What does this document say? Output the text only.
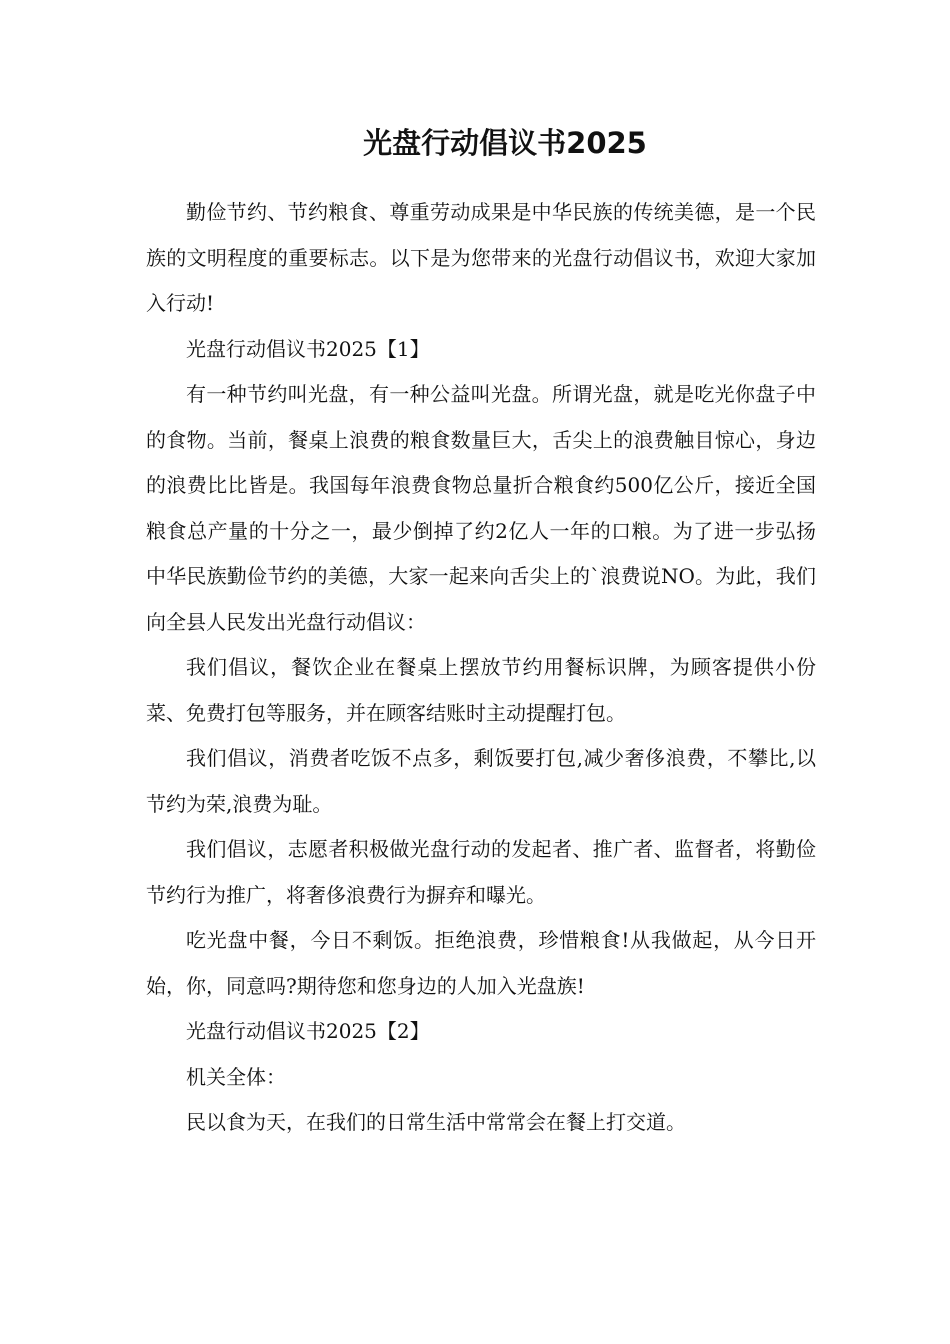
光盘行动倡议书2025

勤俭节约、节约粮食、尊重劳动成果是中华民族的传统美德，是一个民族的文明程度的重要标志。以下是为您带来的光盘行动倡议书，欢迎大家加入行动!

光盘行动倡议书2025【1】

有一种节约叫光盘，有一种公益叫光盘。所谓光盘，就是吃光你盘子中的食物。当前，餐桌上浪费的粮食数量巨大，舌尖上的浪费触目惊心，身边的浪费比比皆是。我国每年浪费食物总量折合粮食约500亿公斤，接近全国粮食总产量的十分之一，最少倒掉了约2亿人一年的口粮。为了进一步弘扬中华民族勤俭节约的美德，大家一起来向舌尖上的`浪费说NO。为此，我们向全县人民发出光盘行动倡议：

我们倡议，餐饮企业在餐桌上摆放节约用餐标识牌，为顾客提供小份菜、免费打包等服务，并在顾客结账时主动提醒打包。

我们倡议，消费者吃饭不点多，剩饭要打包,减少奢侈浪费，不攀比,以节约为荣,浪费为耻。

我们倡议，志愿者积极做光盘行动的发起者、推广者、监督者，将勤俭节约行为推广，将奢侈浪费行为摒弃和曝光。

吃光盘中餐，今日不剩饭。拒绝浪费，珍惜粮食!从我做起，从今日开始，你，同意吗?期待您和您身边的人加入光盘族!

光盘行动倡议书2025【2】

机关全体：

民以食为天，在我们的日常生活中常常会在餐上打交道。
